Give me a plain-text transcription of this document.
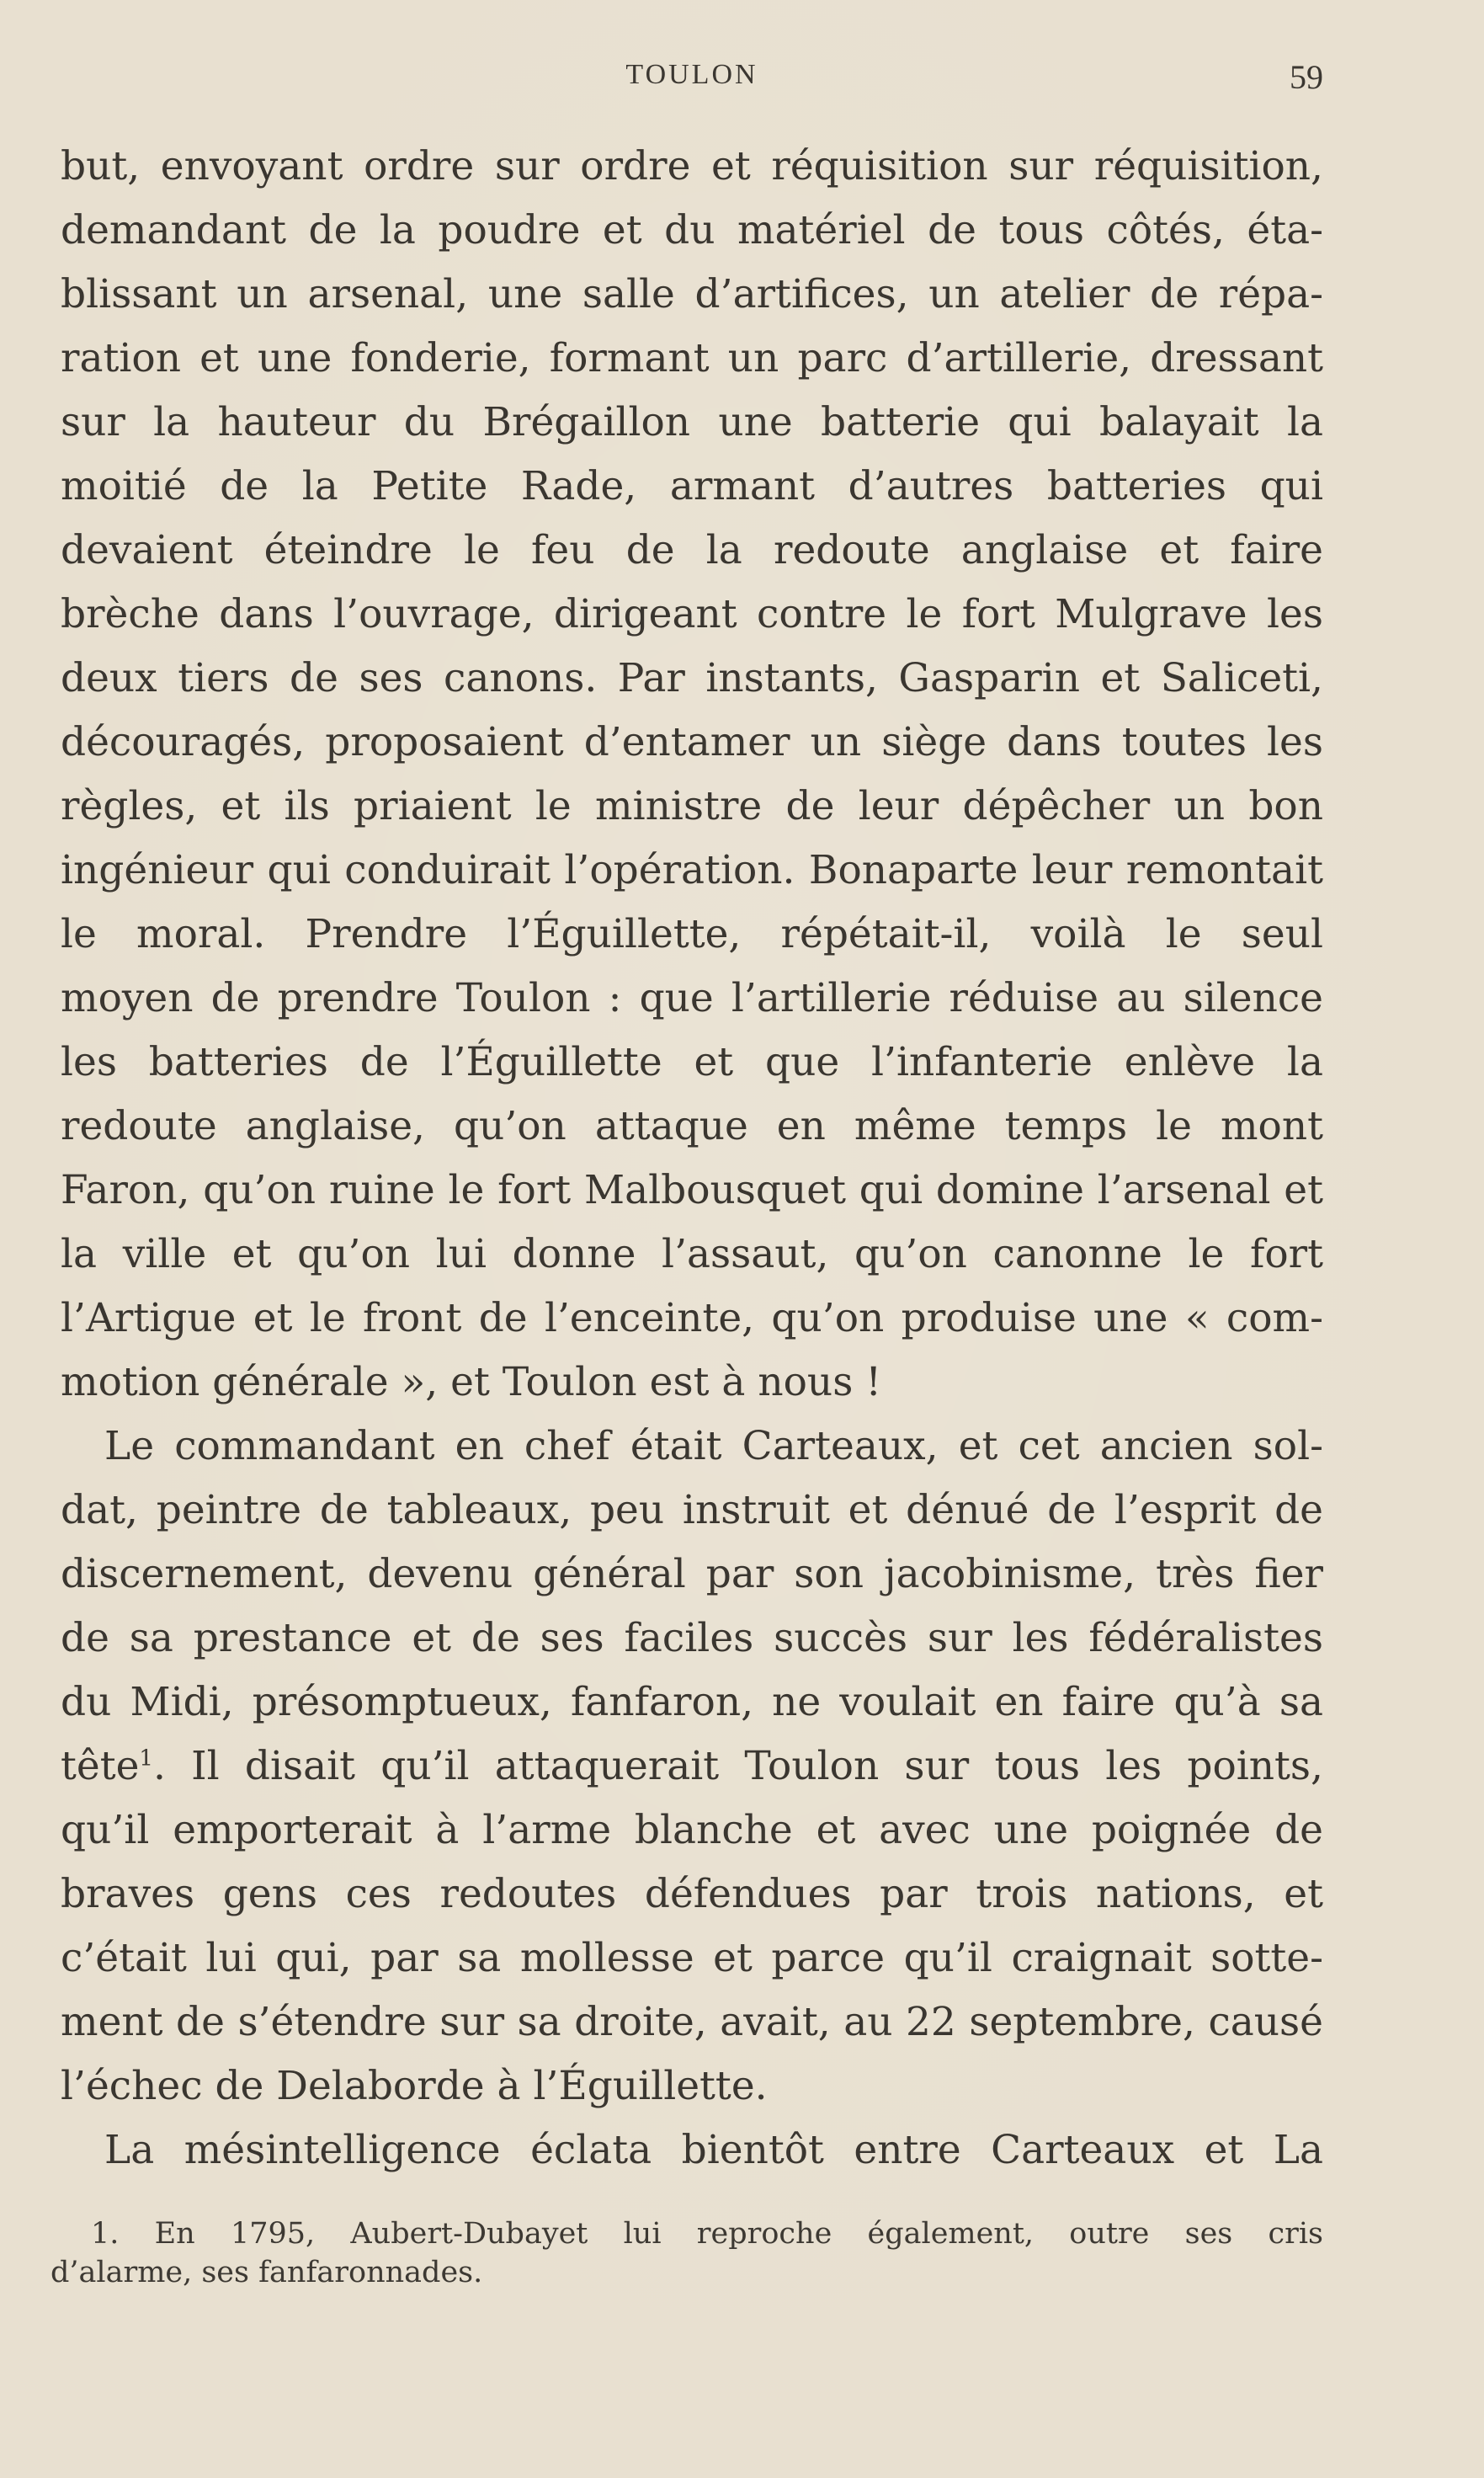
TOULON	59
but, envoyant ordre sur ordre et réquisition sur réquisition,
demandant de la poudre et du matériel de tous côtés, éta-
blissant un arsenal, une salle d’artifices, un atelier de répa-
ration et une fonderie, formant un parc d’artillerie, dressant
sur la hauteur du Brégaillon une batterie qui balayait la
moitié de la Petite Rade, armant d’autres batteries qui
devaient éteindre le feu de la redoute anglaise et faire
brèche dans l’ouvrage, dirigeant contre le fort Mulgrave les
deux tiers de ses canons. Par instants, Gasparin et Saliceti,
découragés, proposaient d’entamer un siège dans toutes les
règles, et ils priaient le ministre de leur dépêcher un bon
ingénieur qui conduirait l’opération. Bonaparte leur remontait
le moral. Prendre l’Éguillette, répétait-il, voilà le seul
moyen de prendre Toulon : que l’artillerie réduise au silence
les batteries de l’Éguillette et que l’infanterie enlève la
redoute anglaise, qu’on attaque en même temps le mont
Faron, qu’on ruine le fort Malbousquet qui domine l’arsenal et
la ville et qu’on lui donne l’assaut, qu’on canonne le fort
l’Artigue et le front de l’enceinte, qu’on produise une « com-
motion générale », et Toulon est à nous !
Le commandant en chef était Carteaux, et cet ancien sol-
dat, peintre de tableaux, peu instruit et dénué de l’esprit de
discernement, devenu général par son jacobinisme, très fier
de sa prestance et de ses faciles succès sur les fédéralistes
du Midi, présomptueux, fanfaron, ne voulait en faire qu’à sa
tête$^1$. Il disait qu’il attaquerait Toulon sur tous les points,
qu’il emporterait à l’arme blanche et avec une poignée de
braves gens ces redoutes défendues par trois nations, et
c’était lui qui, par sa mollesse et parce qu’il craignait sotte-
ment de s’étendre sur sa droite, avait, au 22 septembre, causé
l’échec de Delaborde à l’Éguillette.
La mésintelligence éclata bientôt entre Carteaux et La
1. En 1795, Aubert-Dubayet lui reproche également, outre ses cris
d’alarme, ses fanfaronnades.
